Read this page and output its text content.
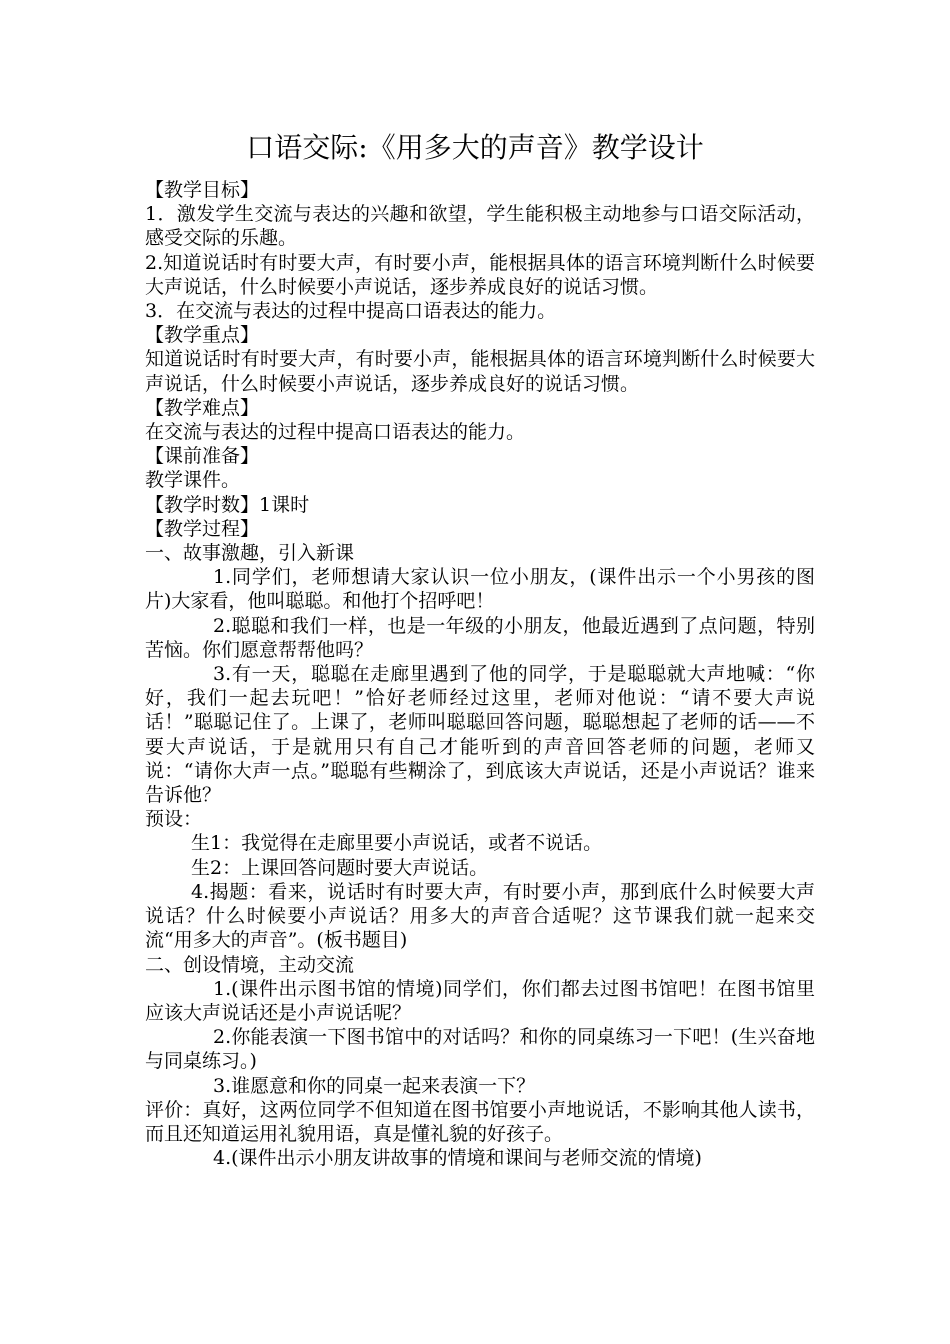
口语交际:《用多大的声音》教学设计

【教学目标】

1．激发学生交流与表达的兴趣和欲望，学生能积极主动地参与口语交际活动，感受交际的乐趣。

2.知道说话时有时要大声，有时要小声，能根据具体的语言环境判断什么时候要大声说话，什么时候要小声说话，逐步养成良好的说话习惯。

3．在交流与表达的过程中提高口语表达的能力。

【教学重点】

知道说话时有时要大声，有时要小声，能根据具体的语言环境判断什么时候要大声说话，什么时候要小声说话，逐步养成良好的说话习惯。

【教学难点】

在交流与表达的过程中提高口语表达的能力。

【课前准备】

教学课件。

【教学时数】1课时

【教学过程】

一、故事激趣，引入新课

1.同学们，老师想请大家认识一位小朋友，(课件出示一个小男孩的图片)大家看，他叫聪聪。和他打个招呼吧！

2.聪聪和我们一样，也是一年级的小朋友，他最近遇到了点问题，特别苦恼。你们愿意帮帮他吗？

3.有一天，聪聪在走廊里遇到了他的同学，于是聪聪就大声地喊：“你好，我们一起去玩吧！”恰好老师经过这里，老师对他说：“请不要大声说话！”聪聪记住了。上课了，老师叫聪聪回答问题，聪聪想起了老师的话——不要大声说话，于是就用只有自己才能听到的声音回答老师的问题，老师又说：“请你大声一点。”聪聪有些糊涂了，到底该大声说话，还是小声说话？谁来告诉他？

预设：

生1：我觉得在走廊里要小声说话，或者不说话。

生2：上课回答问题时要大声说话。

4.揭题：看来，说话时有时要大声，有时要小声，那到底什么时候要大声说话？什么时候要小声说话？用多大的声音合适呢？这节课我们就一起来交流“用多大的声音”。(板书题目)

二、创设情境，主动交流

1.(课件出示图书馆的情境)同学们，你们都去过图书馆吧！在图书馆里应该大声说话还是小声说话呢？

2.你能表演一下图书馆中的对话吗？和你的同桌练习一下吧！(生兴奋地与同桌练习。)

3.谁愿意和你的同桌一起来表演一下？

评价：真好，这两位同学不但知道在图书馆要小声地说话，不影响其他人读书，而且还知道运用礼貌用语，真是懂礼貌的好孩子。

4.(课件出示小朋友讲故事的情境和课间与老师交流的情境)
